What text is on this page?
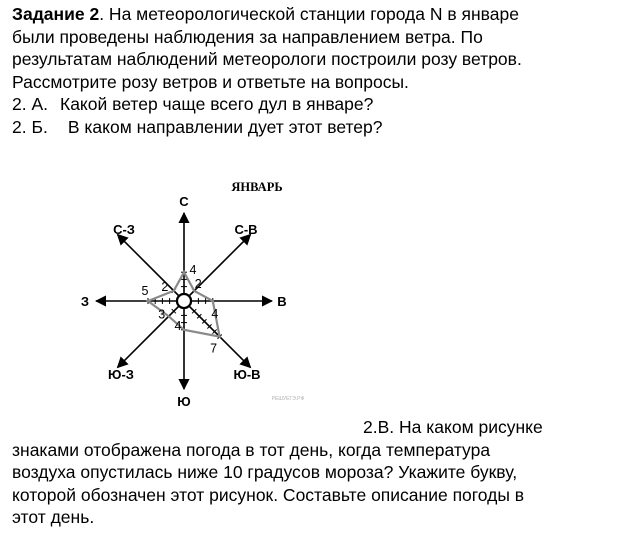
Задание 2. На метеорологической станции города N в январе
были проведены наблюдения за направлением ветра. По
результатам наблюдений метеорологи построили розу ветров.
Рассмотрите розу ветров и ответьте на вопросы.
2. А. Какой ветер чаще всего дул в январе?
2. Б. В каком направлении дует этот ветер?
4
2
4
7
4
3
5 2
С
С-В
В
Ю-В
Ю
Ю-З
З
С-З
ЯНВАРЬ
РЕШУЕГЭ.РФ
2.В. На каком рисунке
знаками отображена погода в тот день, когда температура
воздуха опустилась ниже 10 градусов мороза? Укажите букву,
которой обозначен этот рисунок. Составьте описание погоды в
этот день.
